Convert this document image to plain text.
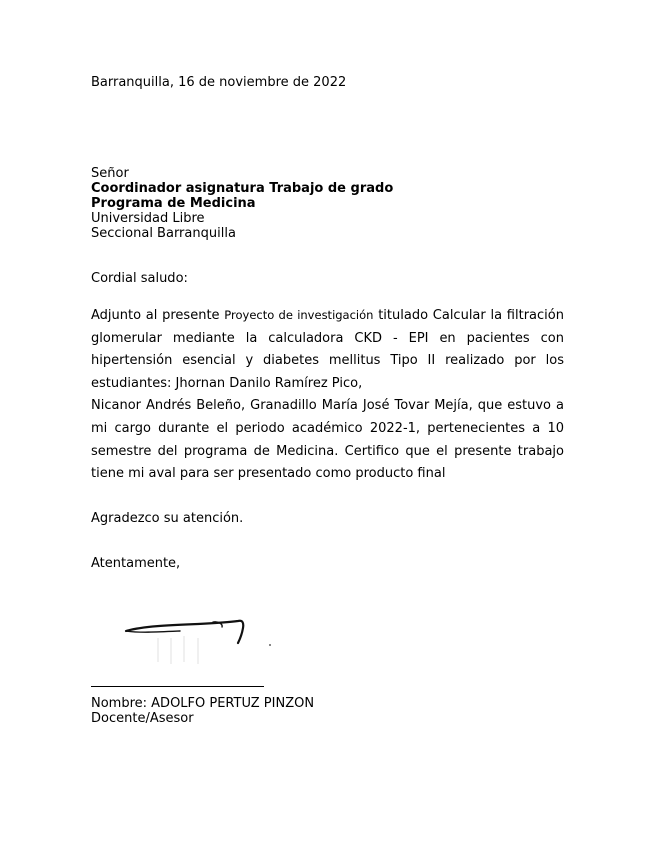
Barranquilla, 16 de noviembre de 2022
Señor
Coordinador asignatura Trabajo de grado
Programa de Medicina
Universidad Libre
Seccional Barranquilla
Cordial saludo:
Adjunto al presente Proyecto de investigación titulado Calcular la filtración
glomerular mediante la calculadora CKD - EPI en pacientes con
hipertensión esencial y diabetes mellitus Tipo II realizado por los
estudiantes: Jhornan Danilo Ramírez Pico,
Nicanor Andrés Beleño, Granadillo María José Tovar Mejía, que estuvo a
mi cargo durante el periodo académico 2022-1, pertenecientes a 10
semestre del programa de Medicina. Certifico que el presente trabajo
tiene mi aval para ser presentado como producto final
Agradezco su atención.
Atentamente,
Nombre: ADOLFO PERTUZ PINZON
Docente/Asesor
